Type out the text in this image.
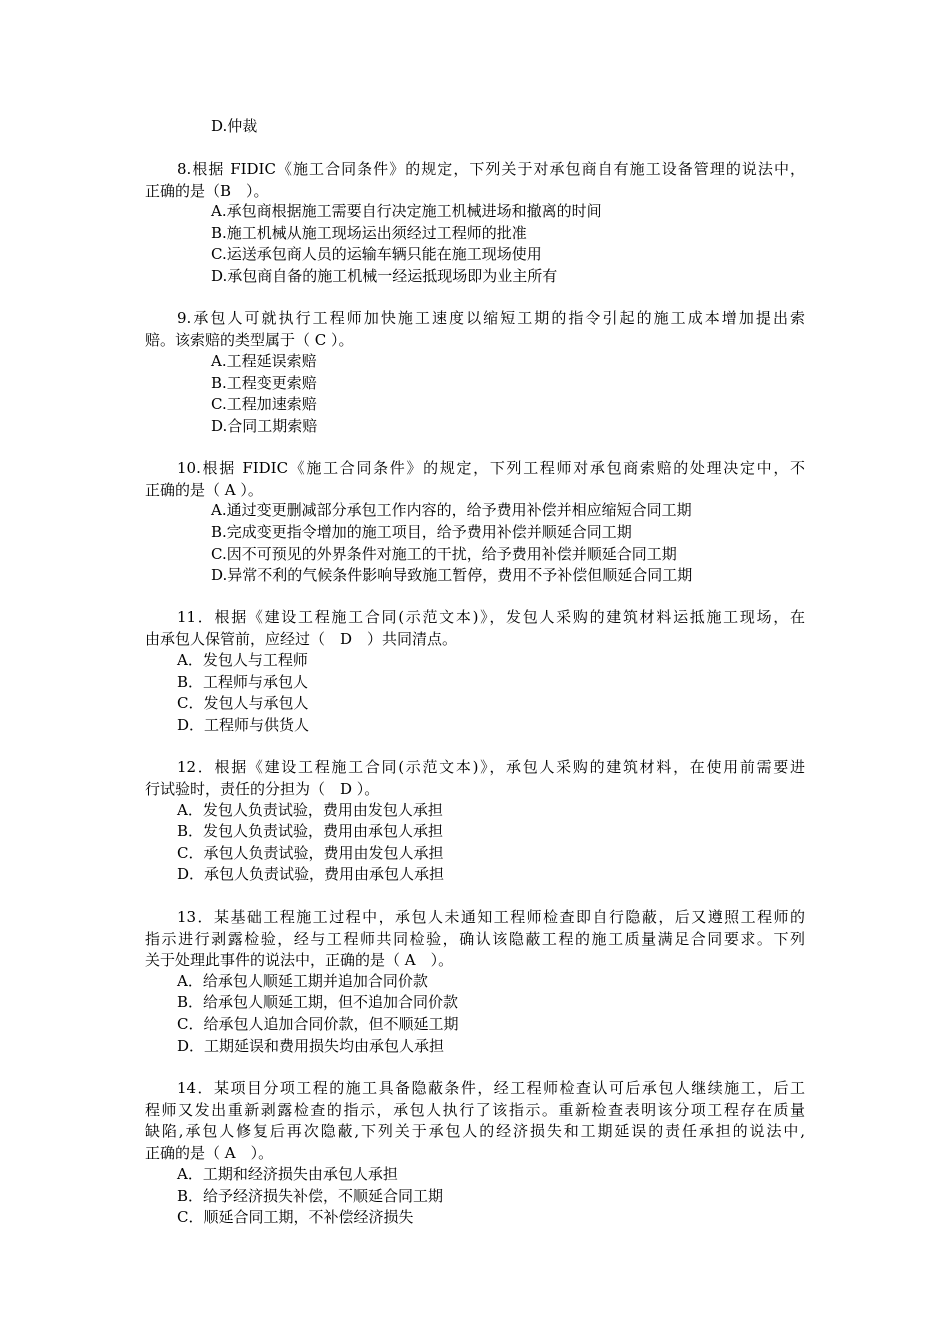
D.仲裁
8.根据 FIDIC《施工合同条件》的规定，下列关于对承包商自有施工设备管理的说法中，
正确的是（B　）。
A.承包商根据施工需要自行决定施工机械进场和撤离的时间
B.施工机械从施工现场运出须经过工程师的批准
C.运送承包商人员的运输车辆只能在施工现场使用
D.承包商自备的施工机械一经运抵现场即为业主所有
9.承包人可就执行工程师加快施工速度以缩短工期的指令引起的施工成本增加提出索
赔。该索赔的类型属于（ C ）。
A.工程延误索赔
B.工程变更索赔
C.工程加速索赔
D.合同工期索赔
10.根据 FIDIC《施工合同条件》的规定，下列工程师对承包商索赔的处理决定中，不
正确的是（ A ）。
A.通过变更删减部分承包工作内容的，给予费用补偿并相应缩短合同工期
B.完成变更指令增加的施工项目，给予费用补偿并顺延合同工期
C.因不可预见的外界条件对施工的干扰，给予费用补偿并顺延合同工期
D.异常不利的气候条件影响导致施工暂停，费用不予补偿但顺延合同工期
11．根据《建设工程施工合同(示范文本)》，发包人采购的建筑材料运抵施工现场，在
由承包人保管前，应经过（　D　）共同清点。
A．发包人与工程师
B．工程师与承包人
C．发包人与承包人
D．工程师与供货人
12．根据《建设工程施工合同(示范文本)》，承包人采购的建筑材料，在使用前需要进
行试验时，责任的分担为（　D ）。
A．发包人负责试验，费用由发包人承担
B．发包人负责试验，费用由承包人承担
C．承包人负责试验，费用由发包人承担
D．承包人负责试验，费用由承包人承担
13．某基础工程施工过程中，承包人未通知工程师检查即自行隐蔽，后又遵照工程师的
指示进行剥露检验，经与工程师共同检验，确认该隐蔽工程的施工质量满足合同要求。下列
关于处理此事件的说法中，正确的是（ A　）。
A．给承包人顺延工期并追加合同价款
B．给承包人顺延工期，但不追加合同价款
C．给承包人追加合同价款，但不顺延工期
D．工期延误和费用损失均由承包人承担
14．某项目分项工程的施工具备隐蔽条件，经工程师检查认可后承包人继续施工，后工
程师又发出重新剥露检查的指示，承包人执行了该指示。重新检查表明该分项工程存在质量
缺陷,承包人修复后再次隐蔽,下列关于承包人的经济损失和工期延误的责任承担的说法中,
正确的是（ A　）。
A．工期和经济损失由承包人承担
B．给予经济损失补偿，不顺延合同工期
C．顺延合同工期，不补偿经济损失
